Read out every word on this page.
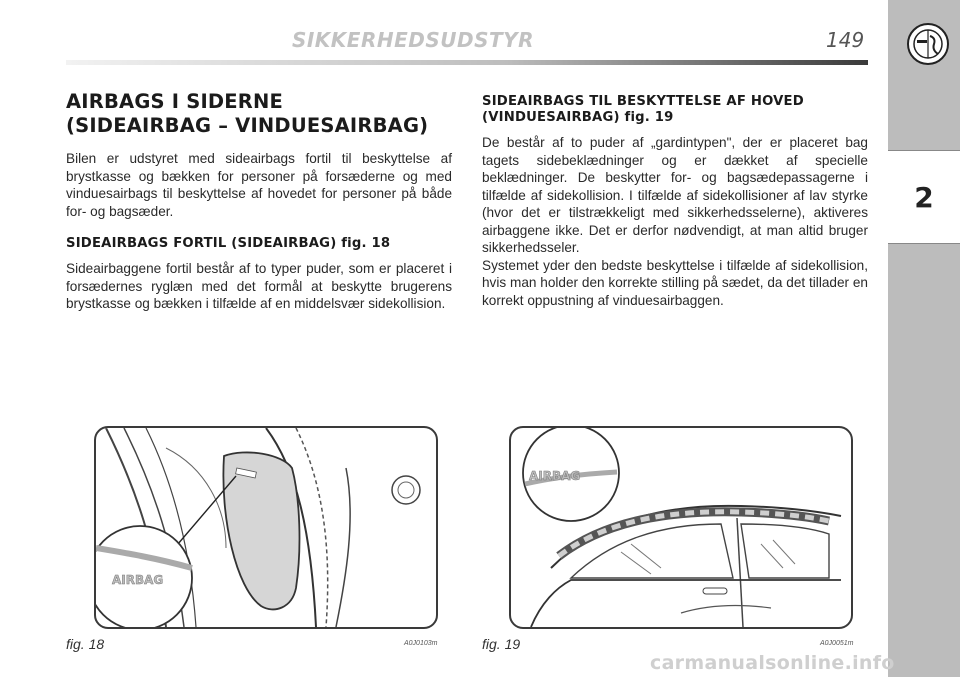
SIKKERHEDSUDSTYR	149
2
AIRBAGS I SIDERNE
(SIDEAIRBAG – VINDUESAIRBAG)

Bilen er udstyret med sideairbags fortil til beskyttelse af brystkasse og bækken for personer på forsæderne og med vinduesairbags til beskyttelse af hovedet for personer på både for- og bagsæder.

SIDEAIRBAGS FORTIL (SIDEAIRBAG) fig. 18

Sideairbaggene fortil består af to typer puder, som er placeret i forsædernes ryglæn med det formål at beskytte brugerens brystkasse og bækken i tilfælde af en middelsvær sidekollision.

SIDEAIRBAGS TIL BESKYTTELSE AF HOVED
(VINDUESAIRBAG) fig. 19

De består af to puder af „gardintypen", der er placeret bag tagets sidebeklædninger og er dækket af specielle beklædninger. De beskytter for- og bagsædepassagerne i tilfælde af sidekollision. I tilfælde af sidekollisioner af lav styrke (hvor det er tilstrækkeligt med sikkerhedsselerne), aktiveres airbaggene ikke. Det er derfor nødvendigt, at man altid bruger sikkerhedsseler.

Systemet yder den bedste beskyttelse i tilfælde af sidekollision, hvis man holder den korrekte stilling på sædet, da det tillader en korrekt oppustning af vinduesairbaggen.

AIRBAG
fig. 18	A0J0103m
AIRBAG
fig. 19	A0J0051m
carmanualsonline.info
